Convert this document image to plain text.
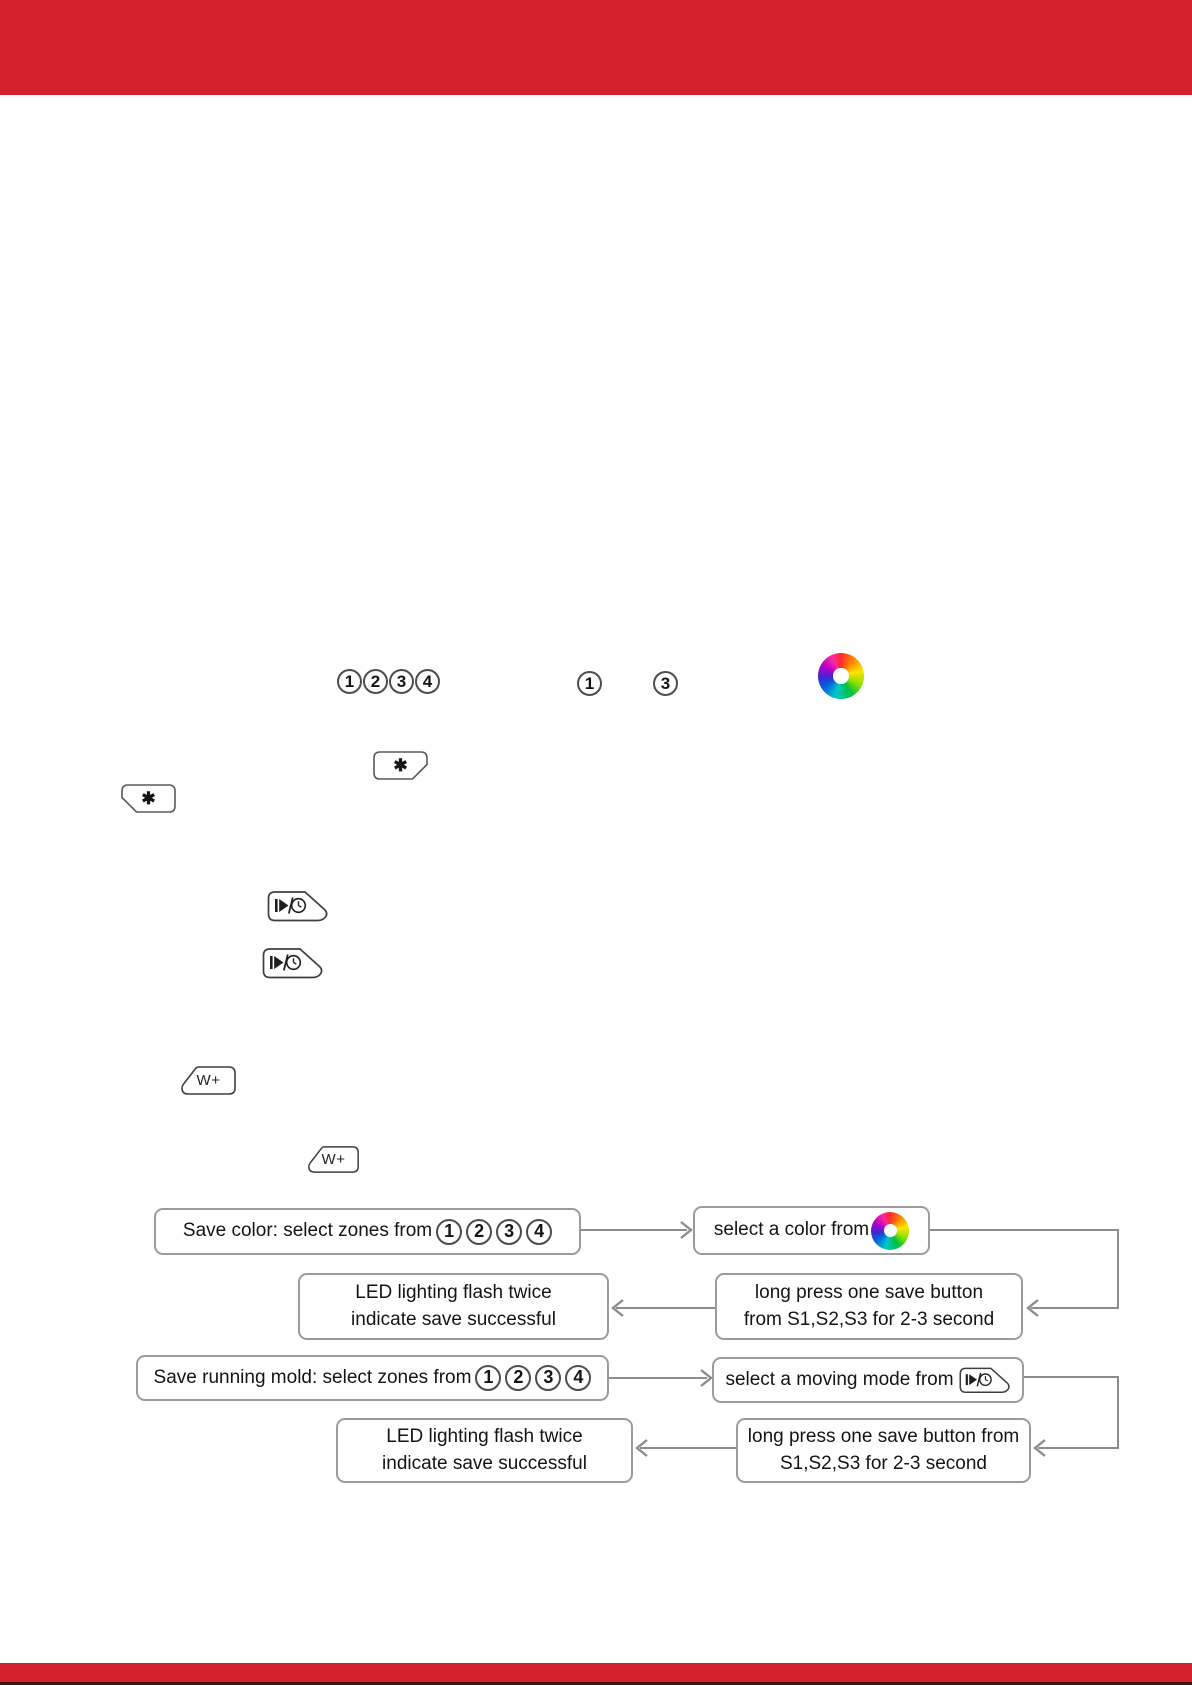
1 2 3 4	1	3
✱
✱
W+
W+
Save color: select zones from 1	2	3	4	select a color from
LED lighting flash twice
indicate save successful
long press one save button
from S1,S2,S3 for 2-3 second
Save running mold: select zones from 1	2	3	4	select a moving mode from
LED lighting flash twice
indicate save successful
long press one save button from
S1,S2,S3 for 2-3 second
